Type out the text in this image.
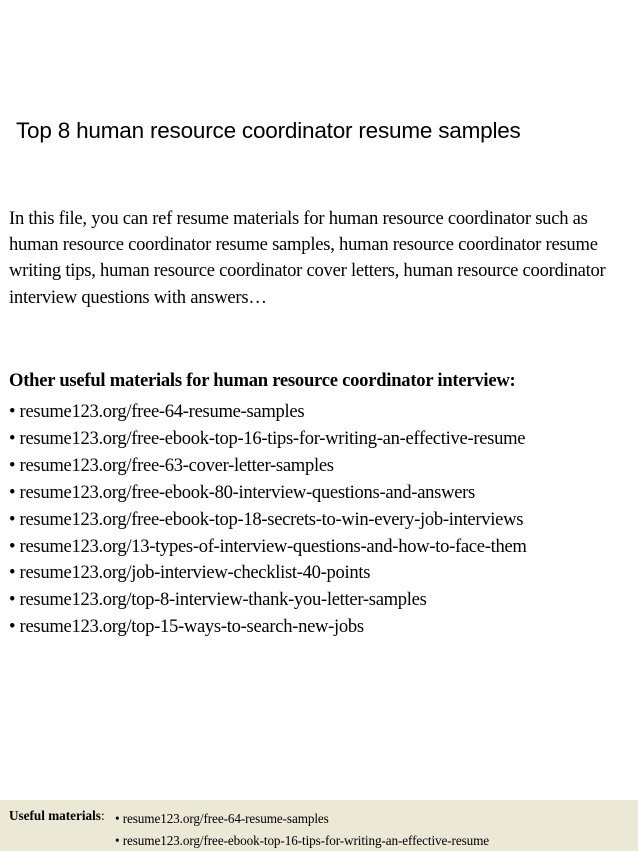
Top 8 human resource coordinator resume samples

In this file, you can ref resume materials for human resource coordinator such as human resource coordinator resume samples, human resource coordinator resume writing tips, human resource coordinator cover letters, human resource coordinator interview questions with answers…

Other useful materials for human resource coordinator interview:

• resume123.org/free-64-resume-samples
• resume123.org/free-ebook-top-16-tips-for-writing-an-effective-resume
• resume123.org/free-63-cover-letter-samples
• resume123.org/free-ebook-80-interview-questions-and-answers
• resume123.org/free-ebook-top-18-secrets-to-win-every-job-interviews
• resume123.org/13-types-of-interview-questions-and-how-to-face-them
• resume123.org/job-interview-checklist-40-points
• resume123.org/top-8-interview-thank-you-letter-samples
• resume123.org/top-15-ways-to-search-new-jobs
Useful materials: • resume123.org/free-64-resume-samples
• resume123.org/free-ebook-top-16-tips-for-writing-an-effective-resume
